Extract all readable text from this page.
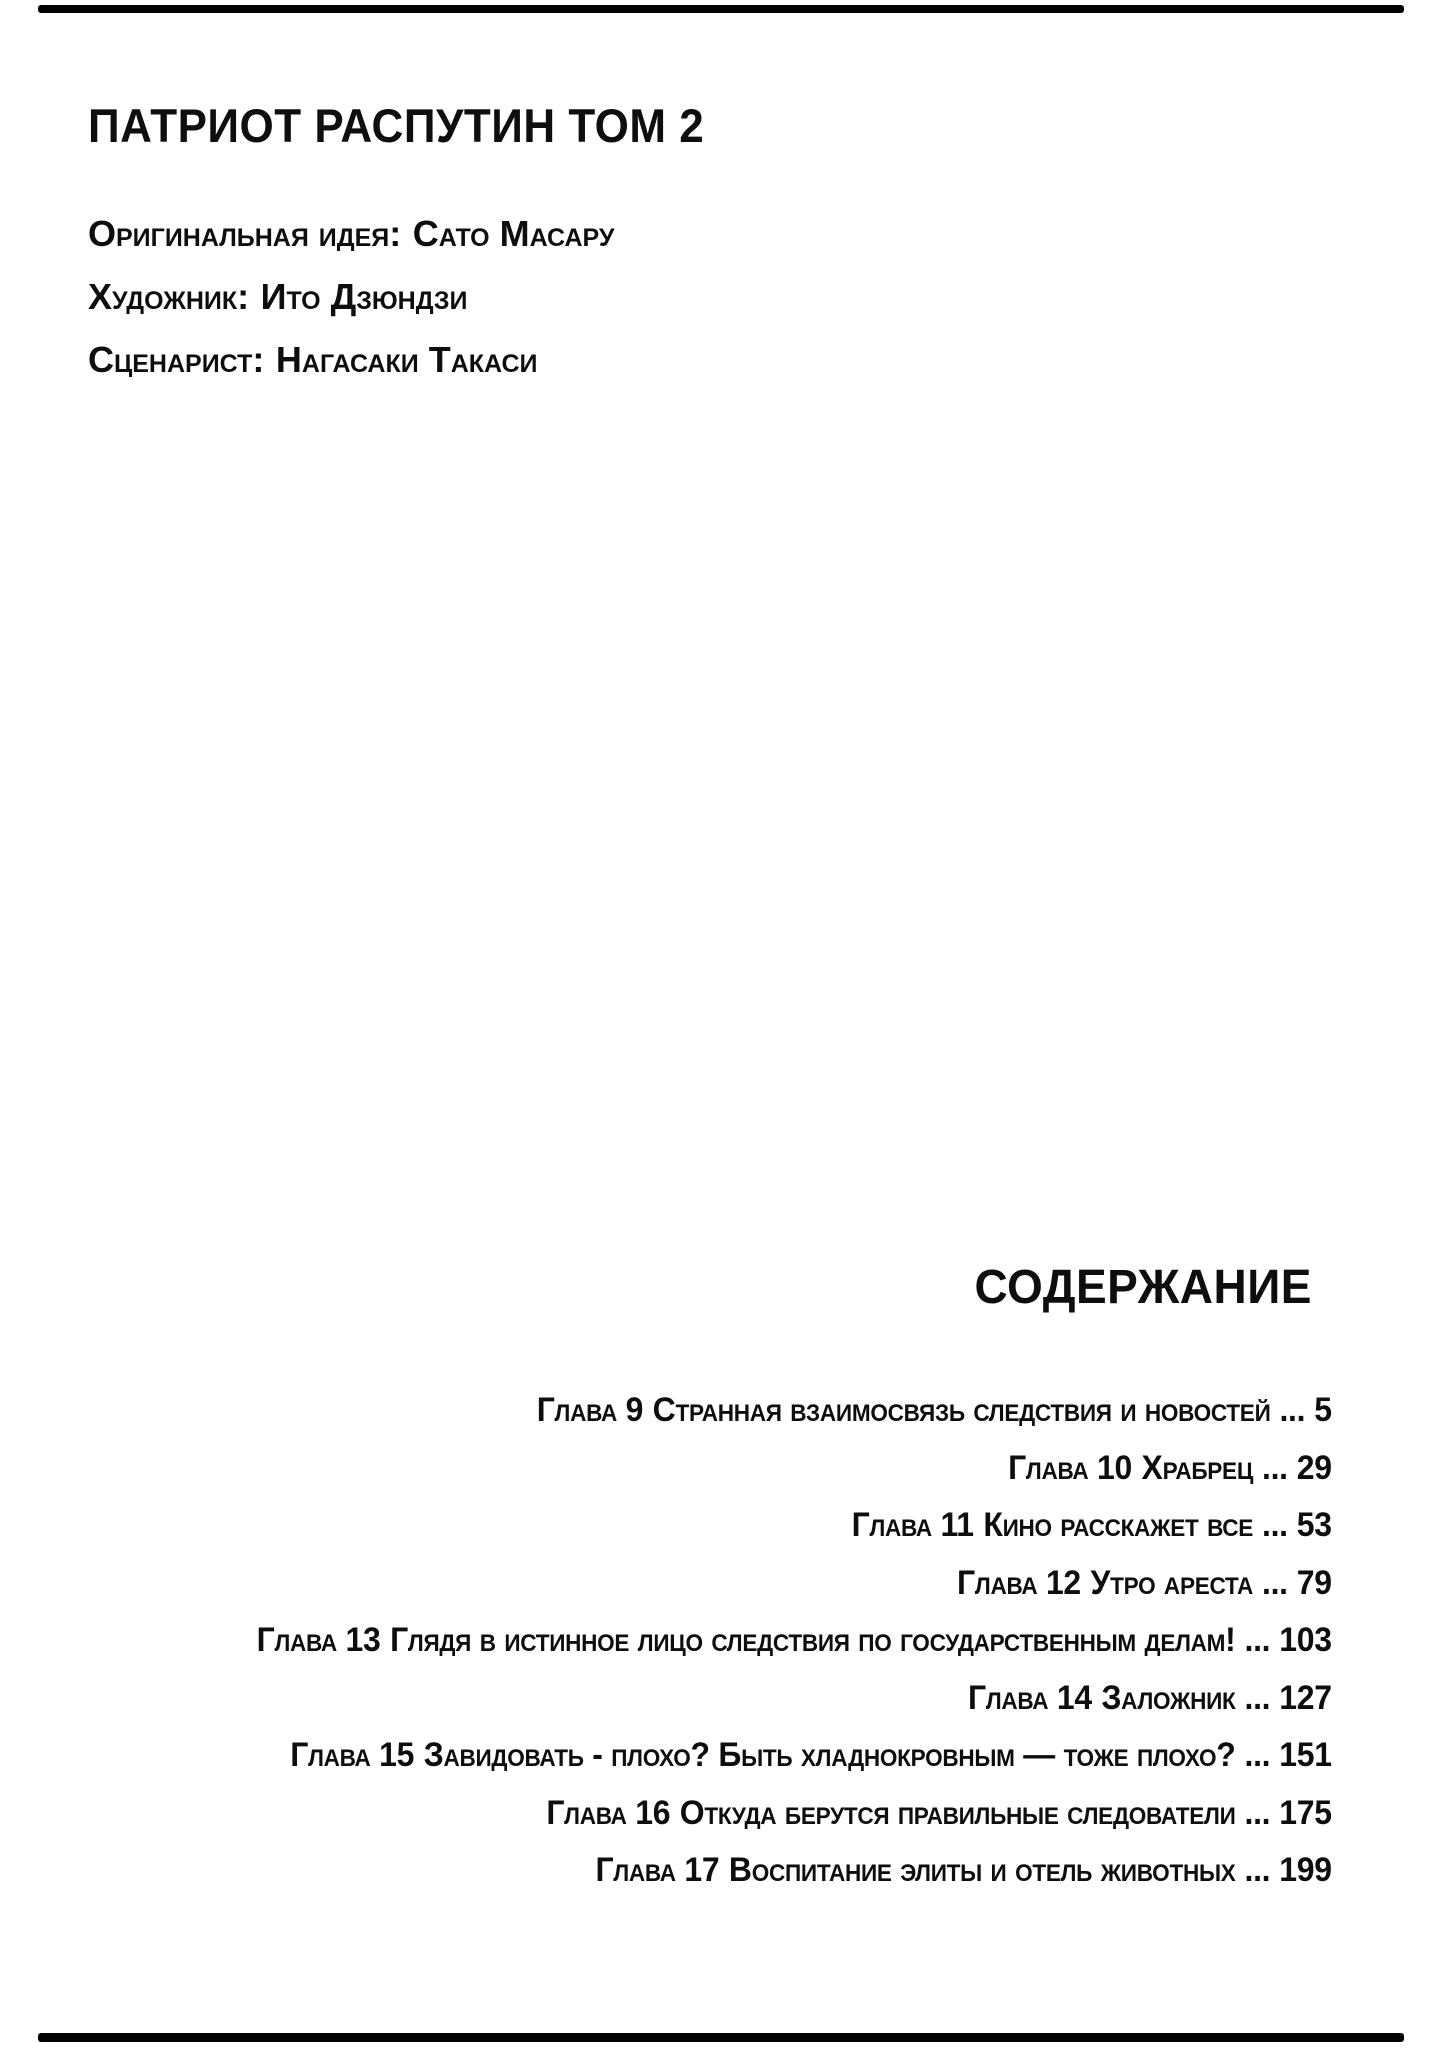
ПАТРИОТ РАСПУТИН ТОМ 2
Оригинальная идея: Сато Масару
Художник: Ито Дзюндзи
Сценарист: Нагасаки Такаси
СОДЕРЖАНИЕ
Глава 9 Странная взаимосвязь следствия и новостей ... 5
Глава 10 Храбрец ... 29
Глава 11 Кино расскажет все ... 53
Глава 12 Утро ареста ... 79
Глава 13 Глядя в истинное лицо следствия по государственным делам! ... 103
Глава 14 Заложник ... 127
Глава 15 Завидовать - плохо? Быть хладнокровным — тоже плохо? ... 151
Глава 16 Откуда берутся правильные следователи ... 175
Глава 17 Воспитание элиты и отель животных ... 199
